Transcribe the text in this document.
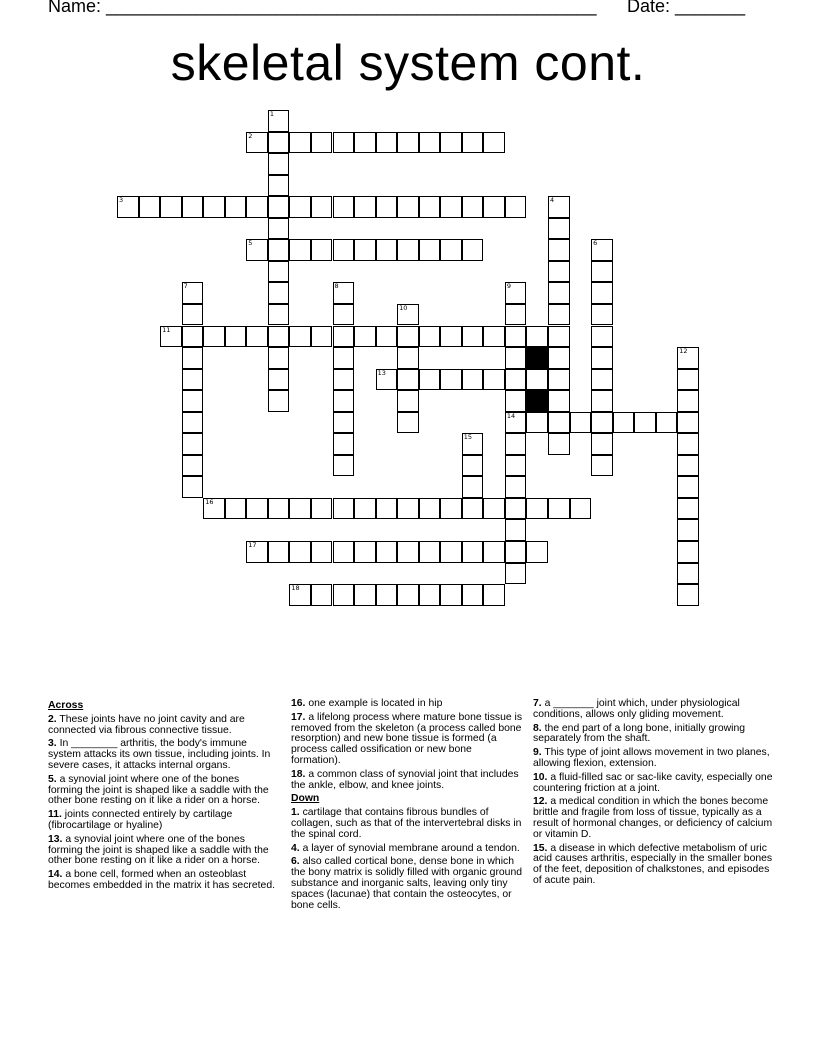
Name: _________________________________________________ Date: _______
skeletal system cont.
1
2
3	4
5	6
7	8	9
14
10
11
12
13
15
16
17
18
Across
2. These joints have no joint cavity and are connected via fibrous connective tissue.
3. In ________ arthritis, the body's immune system attacks its own tissue, including joints. In severe cases, it attacks internal organs.
5. a synovial joint where one of the bones forming the joint is shaped like a saddle with the other bone resting on it like a rider on a horse.
11. joints connected entirely by cartilage (fibrocartilage or hyaline)
13. a synovial joint where one of the bones forming the joint is shaped like a saddle with the other bone resting on it like a rider on a horse.
14. a bone cell, formed when an osteoblast becomes embedded in the matrix it has secreted.
16. one example is located in hip
17. a lifelong process where mature bone tissue is removed from the skeleton (a process called bone resorption) and new bone tissue is formed (a process called ossification or new bone formation).
18. a common class of synovial joint that includes the ankle, elbow, and knee joints.
Down
1. cartilage that contains fibrous bundles of collagen, such as that of the intervertebral disks in the spinal cord.
4. a layer of synovial membrane around a tendon.
6. also called cortical bone, dense bone in which the bony matrix is solidly filled with organic ground substance and inorganic salts, leaving only tiny spaces (lacunae) that contain the osteocytes, or bone cells.
7. a _______ joint which, under physiological conditions, allows only gliding movement.
8. the end part of a long bone, initially growing separately from the shaft.
9. This type of joint allows movement in two planes, allowing flexion, extension.
10. a fluid-filled sac or sac-like cavity, especially one countering friction at a joint.
12. a medical condition in which the bones become brittle and fragile from loss of tissue, typically as a result of hormonal changes, or deficiency of calcium or vitamin D.
15. a disease in which defective metabolism of uric acid causes arthritis, especially in the smaller bones of the feet, deposition of chalkstones, and episodes of acute pain.
